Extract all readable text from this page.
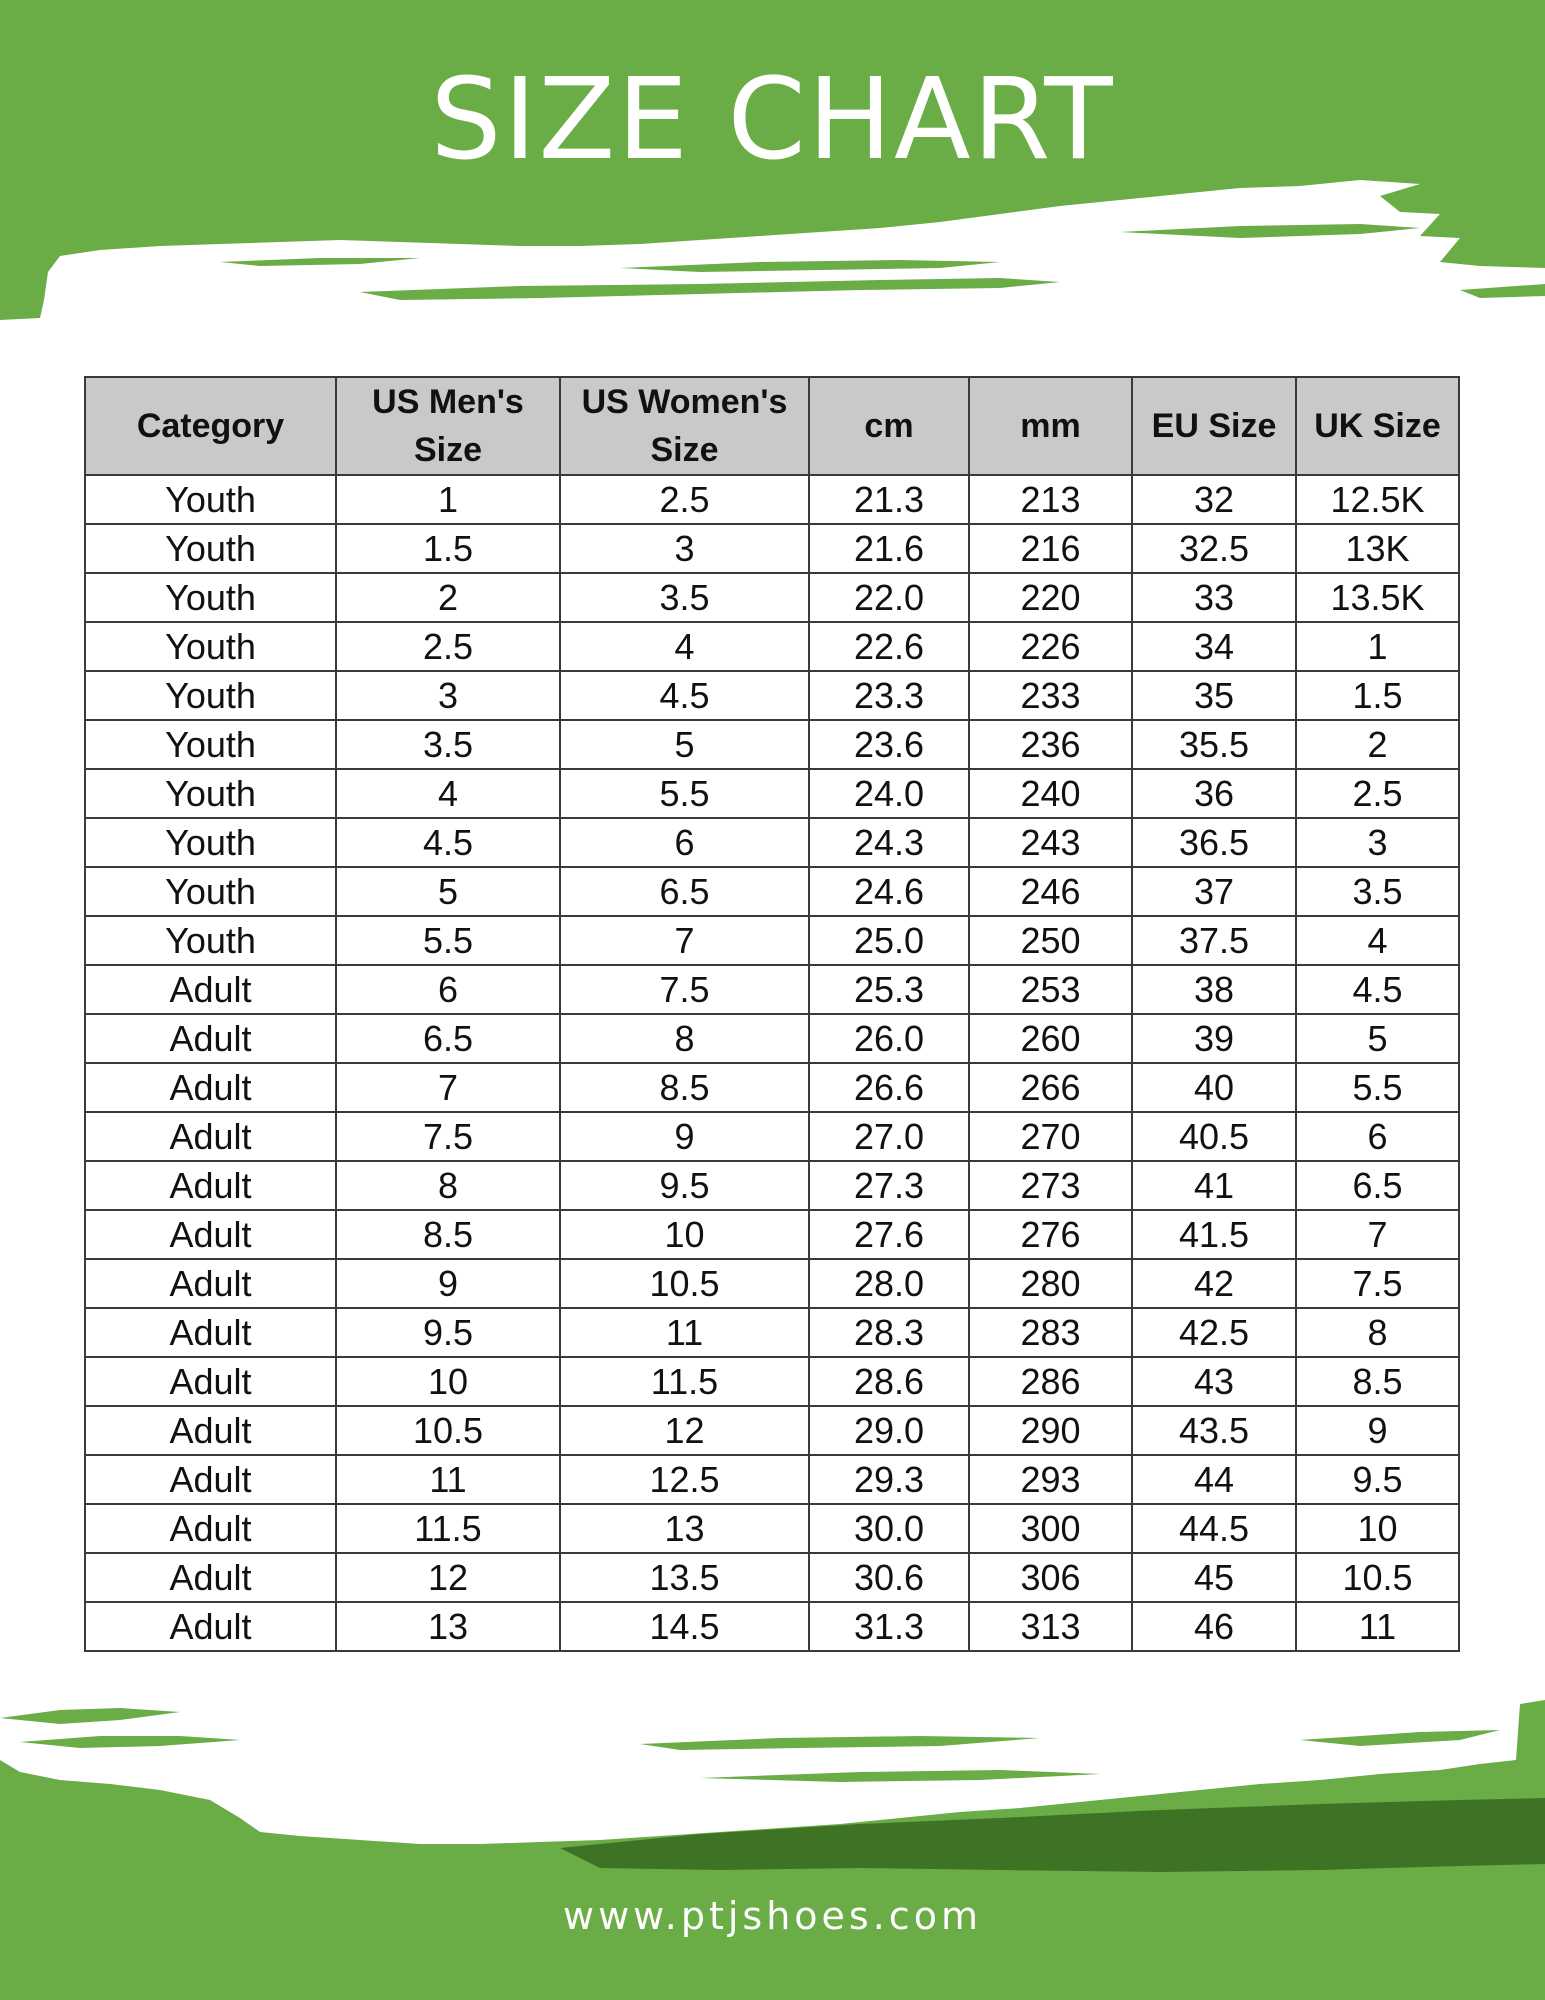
SIZE CHART
Category	US Men's Size	US Women's Size	cm	mm	EU Size	UK Size
Youth	1	2.5	21.3	213	32	12.5K
Youth	1.5	3	21.6	216	32.5	13K
Youth	2	3.5	22.0	220	33	13.5K
Youth	2.5	4	22.6	226	34	1
Youth	3	4.5	23.3	233	35	1.5
Youth	3.5	5	23.6	236	35.5	2
Youth	4	5.5	24.0	240	36	2.5
Youth	4.5	6	24.3	243	36.5	3
Youth	5	6.5	24.6	246	37	3.5
Youth	5.5	7	25.0	250	37.5	4
Adult	6	7.5	25.3	253	38	4.5
Adult	6.5	8	26.0	260	39	5
Adult	7	8.5	26.6	266	40	5.5
Adult	7.5	9	27.0	270	40.5	6
Adult	8	9.5	27.3	273	41	6.5
Adult	8.5	10	27.6	276	41.5	7
Adult	9	10.5	28.0	280	42	7.5
Adult	9.5	11	28.3	283	42.5	8
Adult	10	11.5	28.6	286	43	8.5
Adult	10.5	12	29.0	290	43.5	9
Adult	11	12.5	29.3	293	44	9.5
Adult	11.5	13	30.0	300	44.5	10
Adult	12	13.5	30.6	306	45	10.5
Adult	13	14.5	31.3	313	46	11
www.ptjshoes.com
